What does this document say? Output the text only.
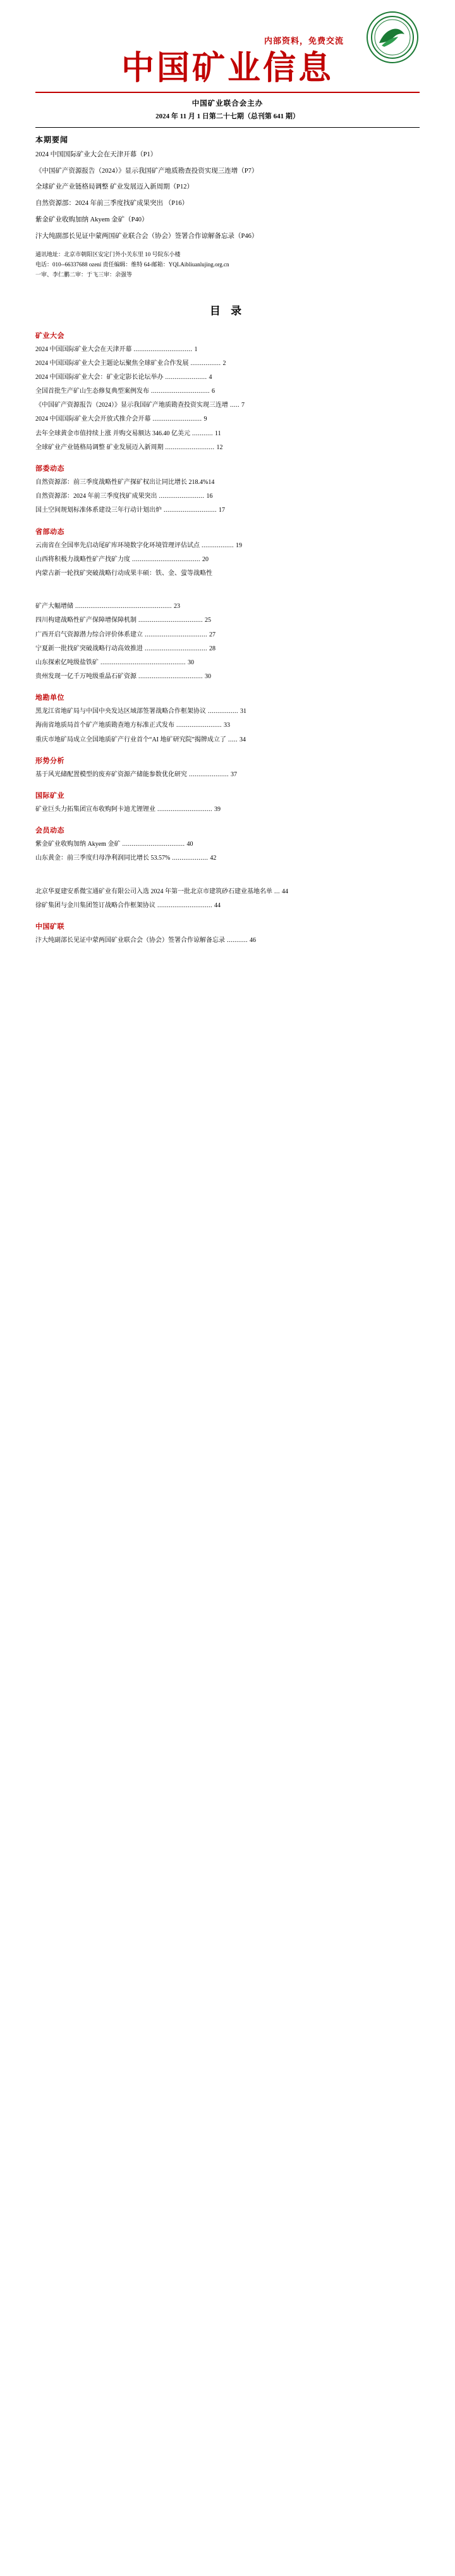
内部资料，免费交流
中国矿业信息
中国矿业联合会主办
2024 年 11 月 1 日第二十七期（总刊第 641 期）
本期要闻

2024 中国国际矿业大会在天津开幕（P1）

《中国矿产资源报告（2024）》显示我国矿产地质勘查投资实现三连增（P7）

全球矿业产业链格局调整 矿业发展迈入新周期（P12）

自然资源部：2024 年前三季度找矿成果突出 （P16）

紫金矿业收购加纳 Akyem 金矿（P40）

汴大纯副部长见证中蒙两国矿业联合会（协会）签署合作谅解备忘录（P46）

通讯地址：北京市朝阳区安定门外小关东里 10 号院东小楼
电话：010--66337688 ození 责任编辑：维特 64-邮箱：YQLAibliuanlujing.org.cn
一审、李仁鹏二审：于飞三审：余强等
目 录
矿业大会
2024 中国国际矿业大会在天津开幕 ............................... 1
2024 中国国际矿业大会主题论坛聚焦全球矿业合作发展 ................ 2
2024 中国国际矿业大会：矿业定影长论坛举办 ...................... 4
全国首批生产矿山生态修复典型案例发布 ............................... 6
《中国矿产资源报告（2024）》显示我国矿产地质勘查投资实现三连增 ..... 7
2024 中国国际矿业大会开放式推介会开幕 .......................... 9
去年全球黄金市值持续上涨 并购交易额达 346.40 亿美元 ........... 11
全球矿业产业链格局调整 矿业发展迈入新周期 .......................... 12
部委动态
自然资源部：前三季度战略性矿产探矿权出让同比增长 218.4%14
自然资源部：2024 年前三季度找矿成果突出 ........................ 16
国土空间规划标准体系建设三年行动计划出炉 ............................ 17
省部动态
云南省在全国率先启动尾矿库环境数字化环境管理评估试点 ................. 19
山西将积极力战略性矿产找矿力度 .................................... 20
内蒙古新一轮找矿突破战略行动成果丰硕：铁、金、萤等战略性
矿产大幅增储 ................................................... 23
四川构建战略性矿产保障增保障机制 .................................. 25
广西开启气资源潜力综合评价体系建立 ................................. 27
宁夏新一批找矿突破战略行动高效推进 ................................. 28
山东探索亿吨级盐铁矿 ............................................. 30
贵州发现一亿千万吨级重晶石矿资源 .................................. 30
地勘单位
黑龙江省地矿局与中国中央发达区域部签署战略合作框架协议 ................ 31
海南省地质局首个矿产地质勘查地方标准正式发布 ........................ 33
重庆市地矿局成立全国地质矿产行业首个“AI 地矿研究院”揭牌成立了 ..... 34
形势分析
基于风光储配置模型的废弃矿资源产储能参数优化研究 ..................... 37
国际矿业
矿业巨头力拓集团宣布收购阿卡迪尤锂锂业 ............................. 39
会员动态
紫金矿业收购加纳 Akyem 金矿 ................................. 40
山东黄金：前三季度归母净利润同比增长 53.57% ................... 42
北京华夏建安系微宝通矿业有限公司入选 2024 年第一批北京市建筑砂石建业基地名单 ... 44
徐矿集团与金川集团签订战略合作框架协议 ............................. 44
中国矿联
汴大纯副部长见证中蒙两国矿业联合会（协会）签署合作谅解备忘录 ........... 46
